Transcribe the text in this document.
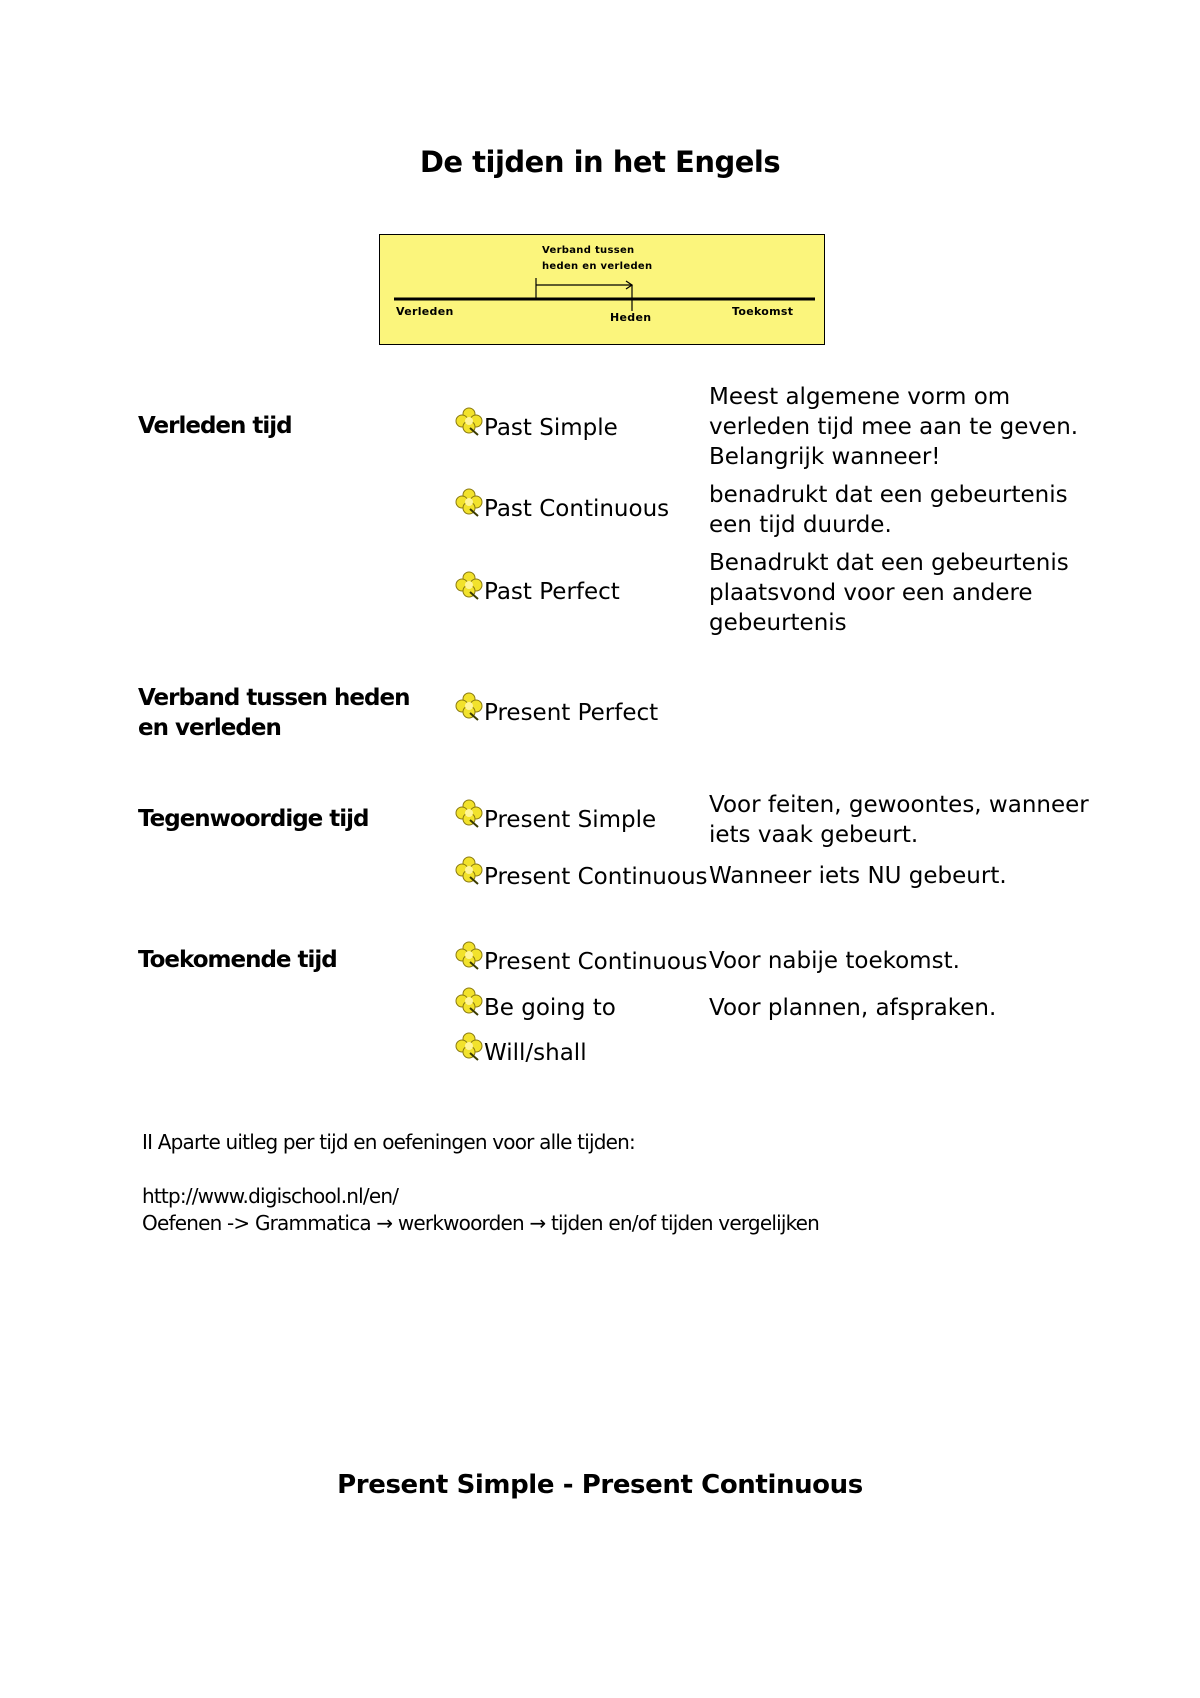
De tijden in het Engels
Verband tussen
heden en verleden
Verleden	Heden	Toekomst
Verleden tijd
Verband tussen heden en verleden
Tegenwoordige tijd
Toekomende tijd
Past Simple
Past Continuous
Past Perfect
Present Perfect
Present Simple
Present Continuous
Present Continuous
Be going to
Will/shall
Meest algemene vorm om verleden tijd mee aan te geven. Belangrijk wanneer!
benadrukt dat een gebeurtenis een tijd duurde.
Benadrukt dat een gebeurtenis plaatsvond voor een andere gebeurtenis
Voor feiten, gewoontes, wanneer iets vaak gebeurt.
Wanneer iets NU gebeurt.
Voor nabije toekomst.
Voor plannen, afspraken.
II Aparte uitleg per tijd en oefeningen voor alle tijden:
http://www.digischool.nl/en/
Oefenen -> Grammatica → werkwoorden → tijden en/of tijden vergelijken
Present Simple - Present Continuous
